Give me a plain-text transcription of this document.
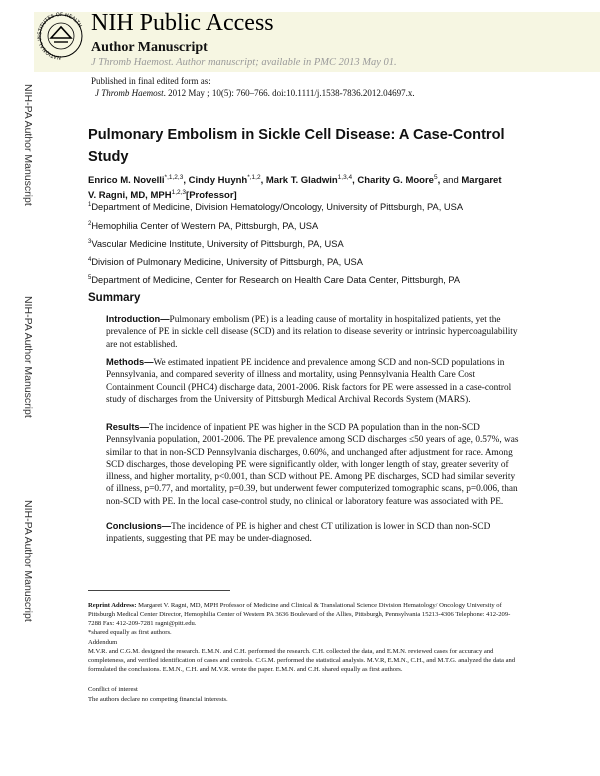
NATIONAL INSTITUTES OF HEALTH NIH Public Access
Author Manuscript
J Thromb Haemost. Author manuscript; available in PMC 2013 May 01.
NIH-PA Author Manuscript
NIH-PA Author Manuscript
NIH-PA Author Manuscript
Published in final edited form as:
J Thromb Haemost. 2012 May ; 10(5): 760–766. doi:10.1111/j.1538-7836.2012.04697.x.
Pulmonary Embolism in Sickle Cell Disease: A Case-Control Study
Enrico M. Novelli$^{*,1,2,3}$, Cindy Huynh$^{*,1,2}$, Mark T. Gladwin$^{1,3,4}$, Charity G. Moore$^5$, and Margaret V. Ragni, MD, MPH$^{1,2,3}$[Professor]
$^1$Department of Medicine, Division Hematology/Oncology, University of Pittsburgh, PA, USA
$^2$Hemophilia Center of Western PA, Pittsburgh, PA, USA
$^3$Vascular Medicine Institute, University of Pittsburgh, PA, USA
$^4$Division of Pulmonary Medicine, University of Pittsburgh, PA, USA
$^5$Department of Medicine, Center for Research on Health Care Data Center, Pittsburgh, PA
Summary
Introduction—Pulmonary embolism (PE) is a leading cause of mortality in hospitalized patients, yet the prevalence of PE in sickle cell disease (SCD) and its relation to disease severity or intrinsic hypercoagulability are not established.
Methods—We estimated inpatient PE incidence and prevalence among SCD and non-SCD populations in Pennsylvania, and compared severity of illness and mortality, using Pennsylvania Health Care Cost Containment Council (PHC4) discharge data, 2001-2006. Risk factors for PE were assessed in a case-control study of discharges from the University of Pittsburgh Medical Archival Records System (MARS).
Results—The incidence of inpatient PE was higher in the SCD PA population than in the non-SCD Pennsylvania population, 2001-2006. The PE prevalence among SCD discharges ≤50 years of age, 0.57%, was similar to that in non-SCD Pennsylvania discharges, 0.60%, and unchanged after adjustment for race. Among SCD discharges, those developing PE were significantly older, with longer length of stay, greater severity of illness, and higher mortality, p<0.001, than SCD without PE. Among PE discharges, SCD had similar severity of illness, p=0.77, and mortality, p=0.39, but underwent fewer computerized tomographic scans, p=0.006, than non-SCD with PE. In the local case-control study, no clinical or laboratory feature was associated with PE.
Conclusions—The incidence of PE is higher and chest CT utilization is lower in SCD than non-SCD inpatients, suggesting that PE may be under-diagnosed.
Reprint Address: Margaret V. Ragni, MD, MPH Professor of Medicine and Clinical & Translational Science Division Hematology/ Oncology University of Pittsburgh Medical Center Director, Hemophilia Center of Western PA 3636 Boulevard of the Allies, Pittsburgh, Pennsylvania 15213-4306 Telephone: 412-209-7288 Fax: 412-209-7281 ragni@pitt.edu.
*shared equally as first authors.
Addendum
M.V.R. and C.G.M. designed the research. E.M.N. and C.H. performed the research. C.H. collected the data, and E.M.N. reviewed cases for accuracy and completeness, and verified identification of cases and controls. C.G.M. performed the statistical analysis. M.V.R, E.M.N., C.H., and M.T.G. analyzed the data and formulated the conclusions. E.M.N., C.H. and M.V.R. wrote the paper. E.M.N. and C.H. shared equally as first authors.
Conflict of interest
The authors declare no competing financial interests.
